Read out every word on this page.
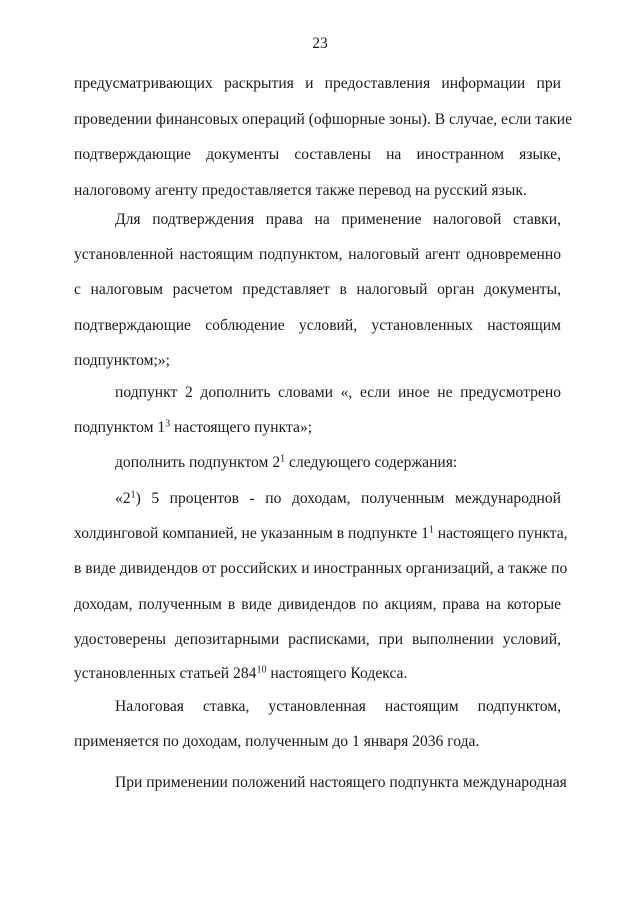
23
предусматривающих раскрытия и предоставления информации при
проведении финансовых операций (офшорные зоны). В случае, если такие
подтверждающие документы составлены на иностранном языке,
налоговому агенту предоставляется также перевод на русский язык.
Для подтверждения права на применение налоговой ставки,
установленной настоящим подпунктом, налоговый агент одновременно
с налоговым расчетом представляет в налоговый орган документы,
подтверждающие соблюдение условий, установленных настоящим
подпунктом;»;
подпункт 2 дополнить словами «, если иное не предусмотрено
подпунктом $1^3$ настоящего пункта»;
дополнить подпунктом $2^1$ следующего содержания:
«$2^1$) 5 процентов - по доходам, полученным международной
холдинговой компанией, не указанным в подпункте $1^1$ настоящего пункта,
в виде дивидендов от российских и иностранных организаций, а также по
доходам, полученным в виде дивидендов по акциям, права на которые
удостоверены депозитарными расписками, при выполнении условий,
установленных статьей $284^{10}$ настоящего Кодекса.
Налоговая ставка, установленная настоящим подпунктом,
применяется по доходам, полученным до 1 января 2036 года.
При применении положений настоящего подпункта международная
